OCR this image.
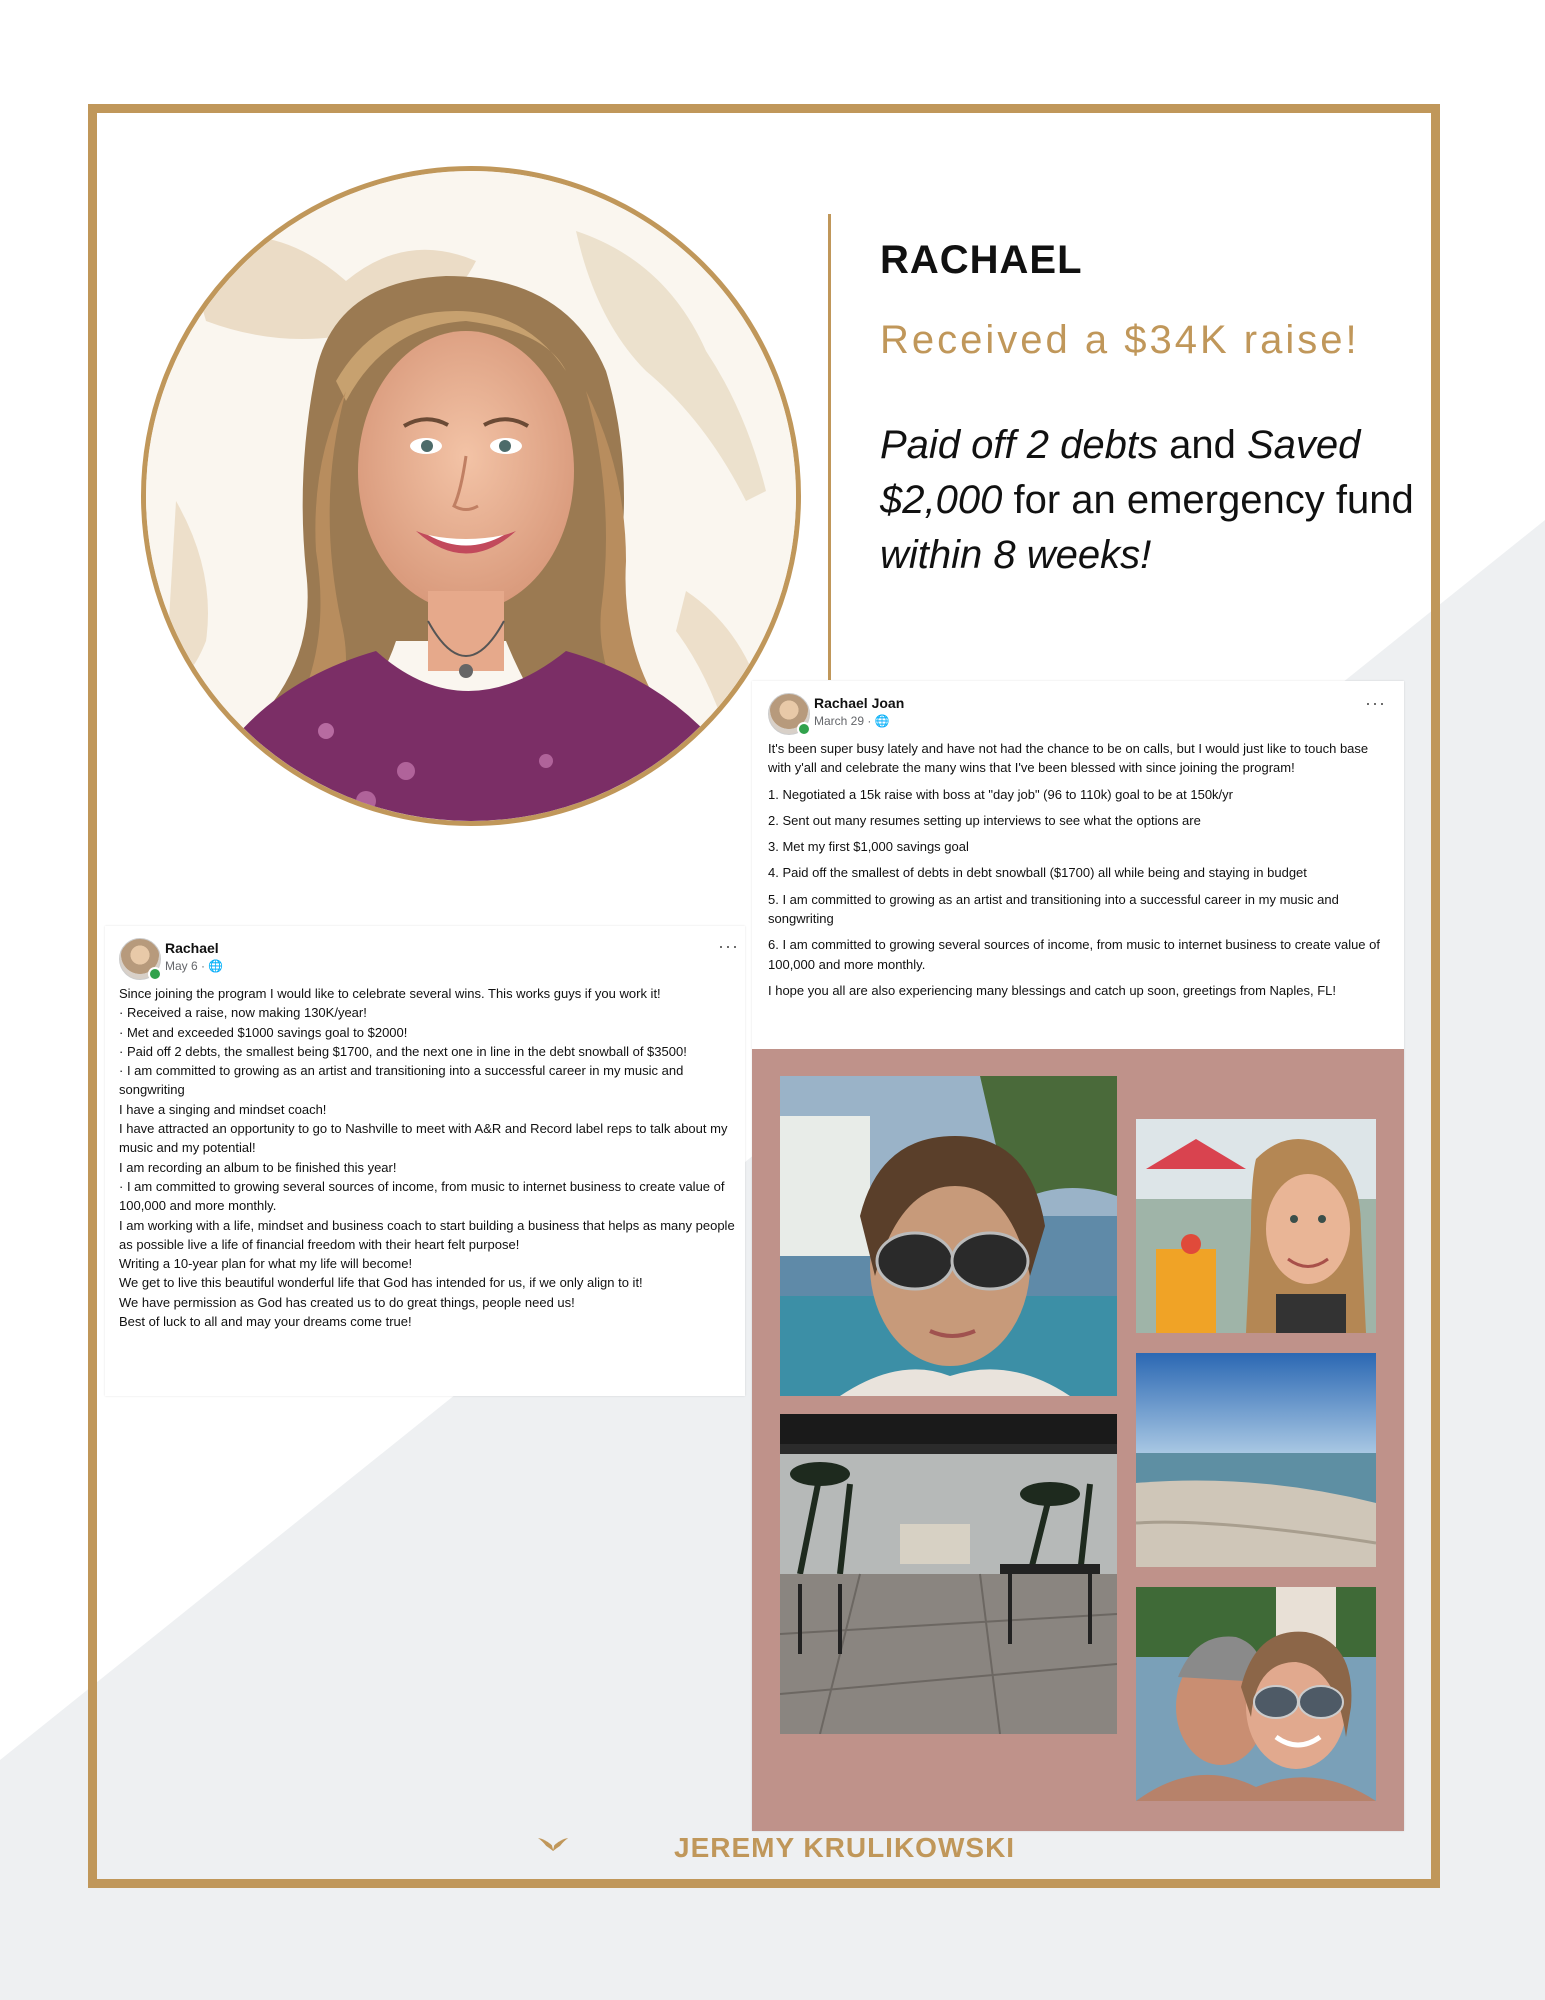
RACHAEL
Received a $34K raise!
Paid off 2 debts and Saved $2,000 for an emergency fund within 8 weeks!
Rachael Joan
March 29 · 🌐
···

It's been super busy lately and have not had the chance to be on calls, but I would just like to touch base with y'all and celebrate the many wins that I've been blessed with since joining the program!

1. Negotiated a 15k raise with boss at "day job" (96 to 110k) goal to be at 150k/yr

2. Sent out many resumes setting up interviews to see what the options are

3. Met my first $1,000 savings goal

4. Paid off the smallest of debts in debt snowball ($1700) all while being and staying in budget

5. I am committed to growing as an artist and transitioning into a successful career in my music and songwriting

6. I am committed to growing several sources of income, from music to internet business to create value of 100,000 and more monthly.

I hope you all are also experiencing many blessings and catch up soon, greetings from Naples, FL!

Rachael
May 6 · 🌐
···

Since joining the program I would like to celebrate several wins. This works guys if you work it!

· Received a raise, now making 130K/year!

· Met and exceeded $1000 savings goal to $2000!

· Paid off 2 debts, the smallest being $1700, and the next one in line in the debt snowball of $3500!

· I am committed to growing as an artist and transitioning into a successful career in my music and songwriting

I have a singing and mindset coach!

I have attracted an opportunity to go to Nashville to meet with A&R and Record label reps to talk about my music and my potential!

I am recording an album to be finished this year!

· I am committed to growing several sources of income, from music to internet business to create value of 100,000 and more monthly.

I am working with a life, mindset and business coach to start building a business that helps as many people as possible live a life of financial freedom with their heart felt purpose!

Writing a 10-year plan for what my life will become!

We get to live this beautiful wonderful life that God has intended for us, if we only align to it!

We have permission as God has created us to do great things, people need us!

Best of luck to all and may your dreams come true!

JEREMY KRULIKOWSKI
